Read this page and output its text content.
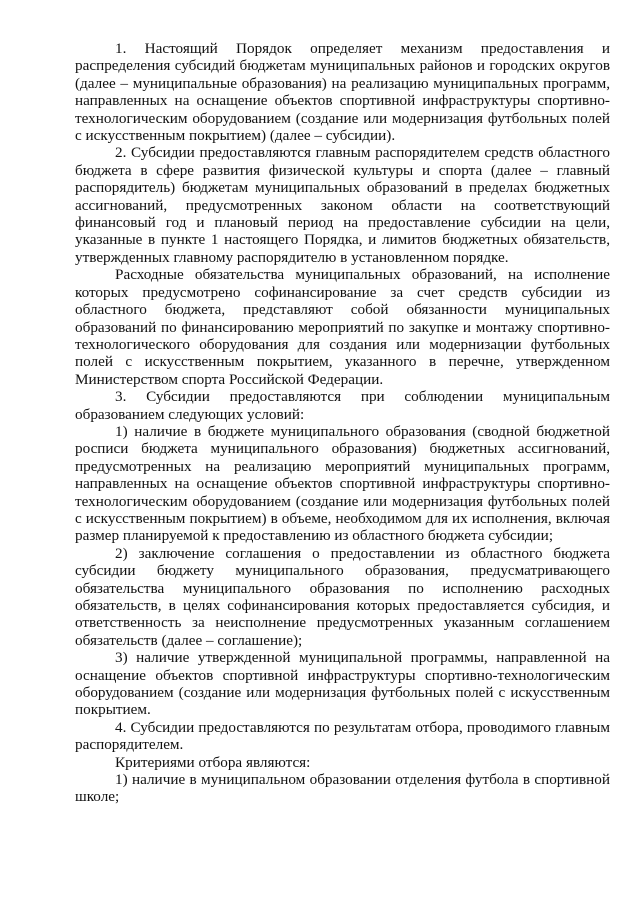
1. Настоящий Порядок определяет механизм предоставления и распределения субсидий бюджетам муниципальных районов и городских округов (далее – муниципальные образования) на реализацию муниципальных программ, направленных на оснащение объектов спортивной инфраструктуры спортивно-технологическим оборудованием (создание или модернизация футбольных полей с искусственным покрытием) (далее – субсидии).

2. Субсидии предоставляются главным распорядителем средств областного бюджета в сфере развития физической культуры и спорта (далее – главный распорядитель) бюджетам муниципальных образований в пределах бюджетных ассигнований, предусмотренных законом области на соответствующий финансовый год и плановый период на предоставление субсидии на цели, указанные в пункте 1 настоящего Порядка, и лимитов бюджетных обязательств, утвержденных главному распорядителю в установленном порядке.

Расходные обязательства муниципальных образований, на исполнение которых предусмотрено софинансирование за счет средств субсидии из областного бюджета, представляют собой обязанности муниципальных образований по финансированию мероприятий по закупке и монтажу спортивно-технологического оборудования для создания или модернизации футбольных полей с искусственным покрытием, указанного в перечне, утвержденном Министерством спорта Российской Федерации.

3. Субсидии предоставляются при соблюдении муниципальным образованием следующих условий:

1) наличие в бюджете муниципального образования (сводной бюджетной росписи бюджета муниципального образования) бюджетных ассигнований, предусмотренных на реализацию мероприятий муниципальных программ, направленных на оснащение объектов спортивной инфраструктуры спортивно-технологическим оборудованием (создание или модернизация футбольных полей с искусственным покрытием) в объеме, необходимом для их исполнения, включая размер планируемой к предоставлению из областного бюджета субсидии;

2) заключение соглашения о предоставлении из областного бюджета субсидии бюджету муниципального образования, предусматривающего обязательства муниципального образования по исполнению расходных обязательств, в целях софинансирования которых предоставляется субсидия, и ответственность за неисполнение предусмотренных указанным соглашением обязательств (далее – соглашение);

3) наличие утвержденной муниципальной программы, направленной на оснащение объектов спортивной инфраструктуры спортивно-технологическим оборудованием (создание или модернизация футбольных полей с искусственным покрытием.

4. Субсидии предоставляются по результатам отбора, проводимого главным распорядителем.

Критериями отбора являются:

1) наличие в муниципальном образовании отделения футбола в спортивной школе;
